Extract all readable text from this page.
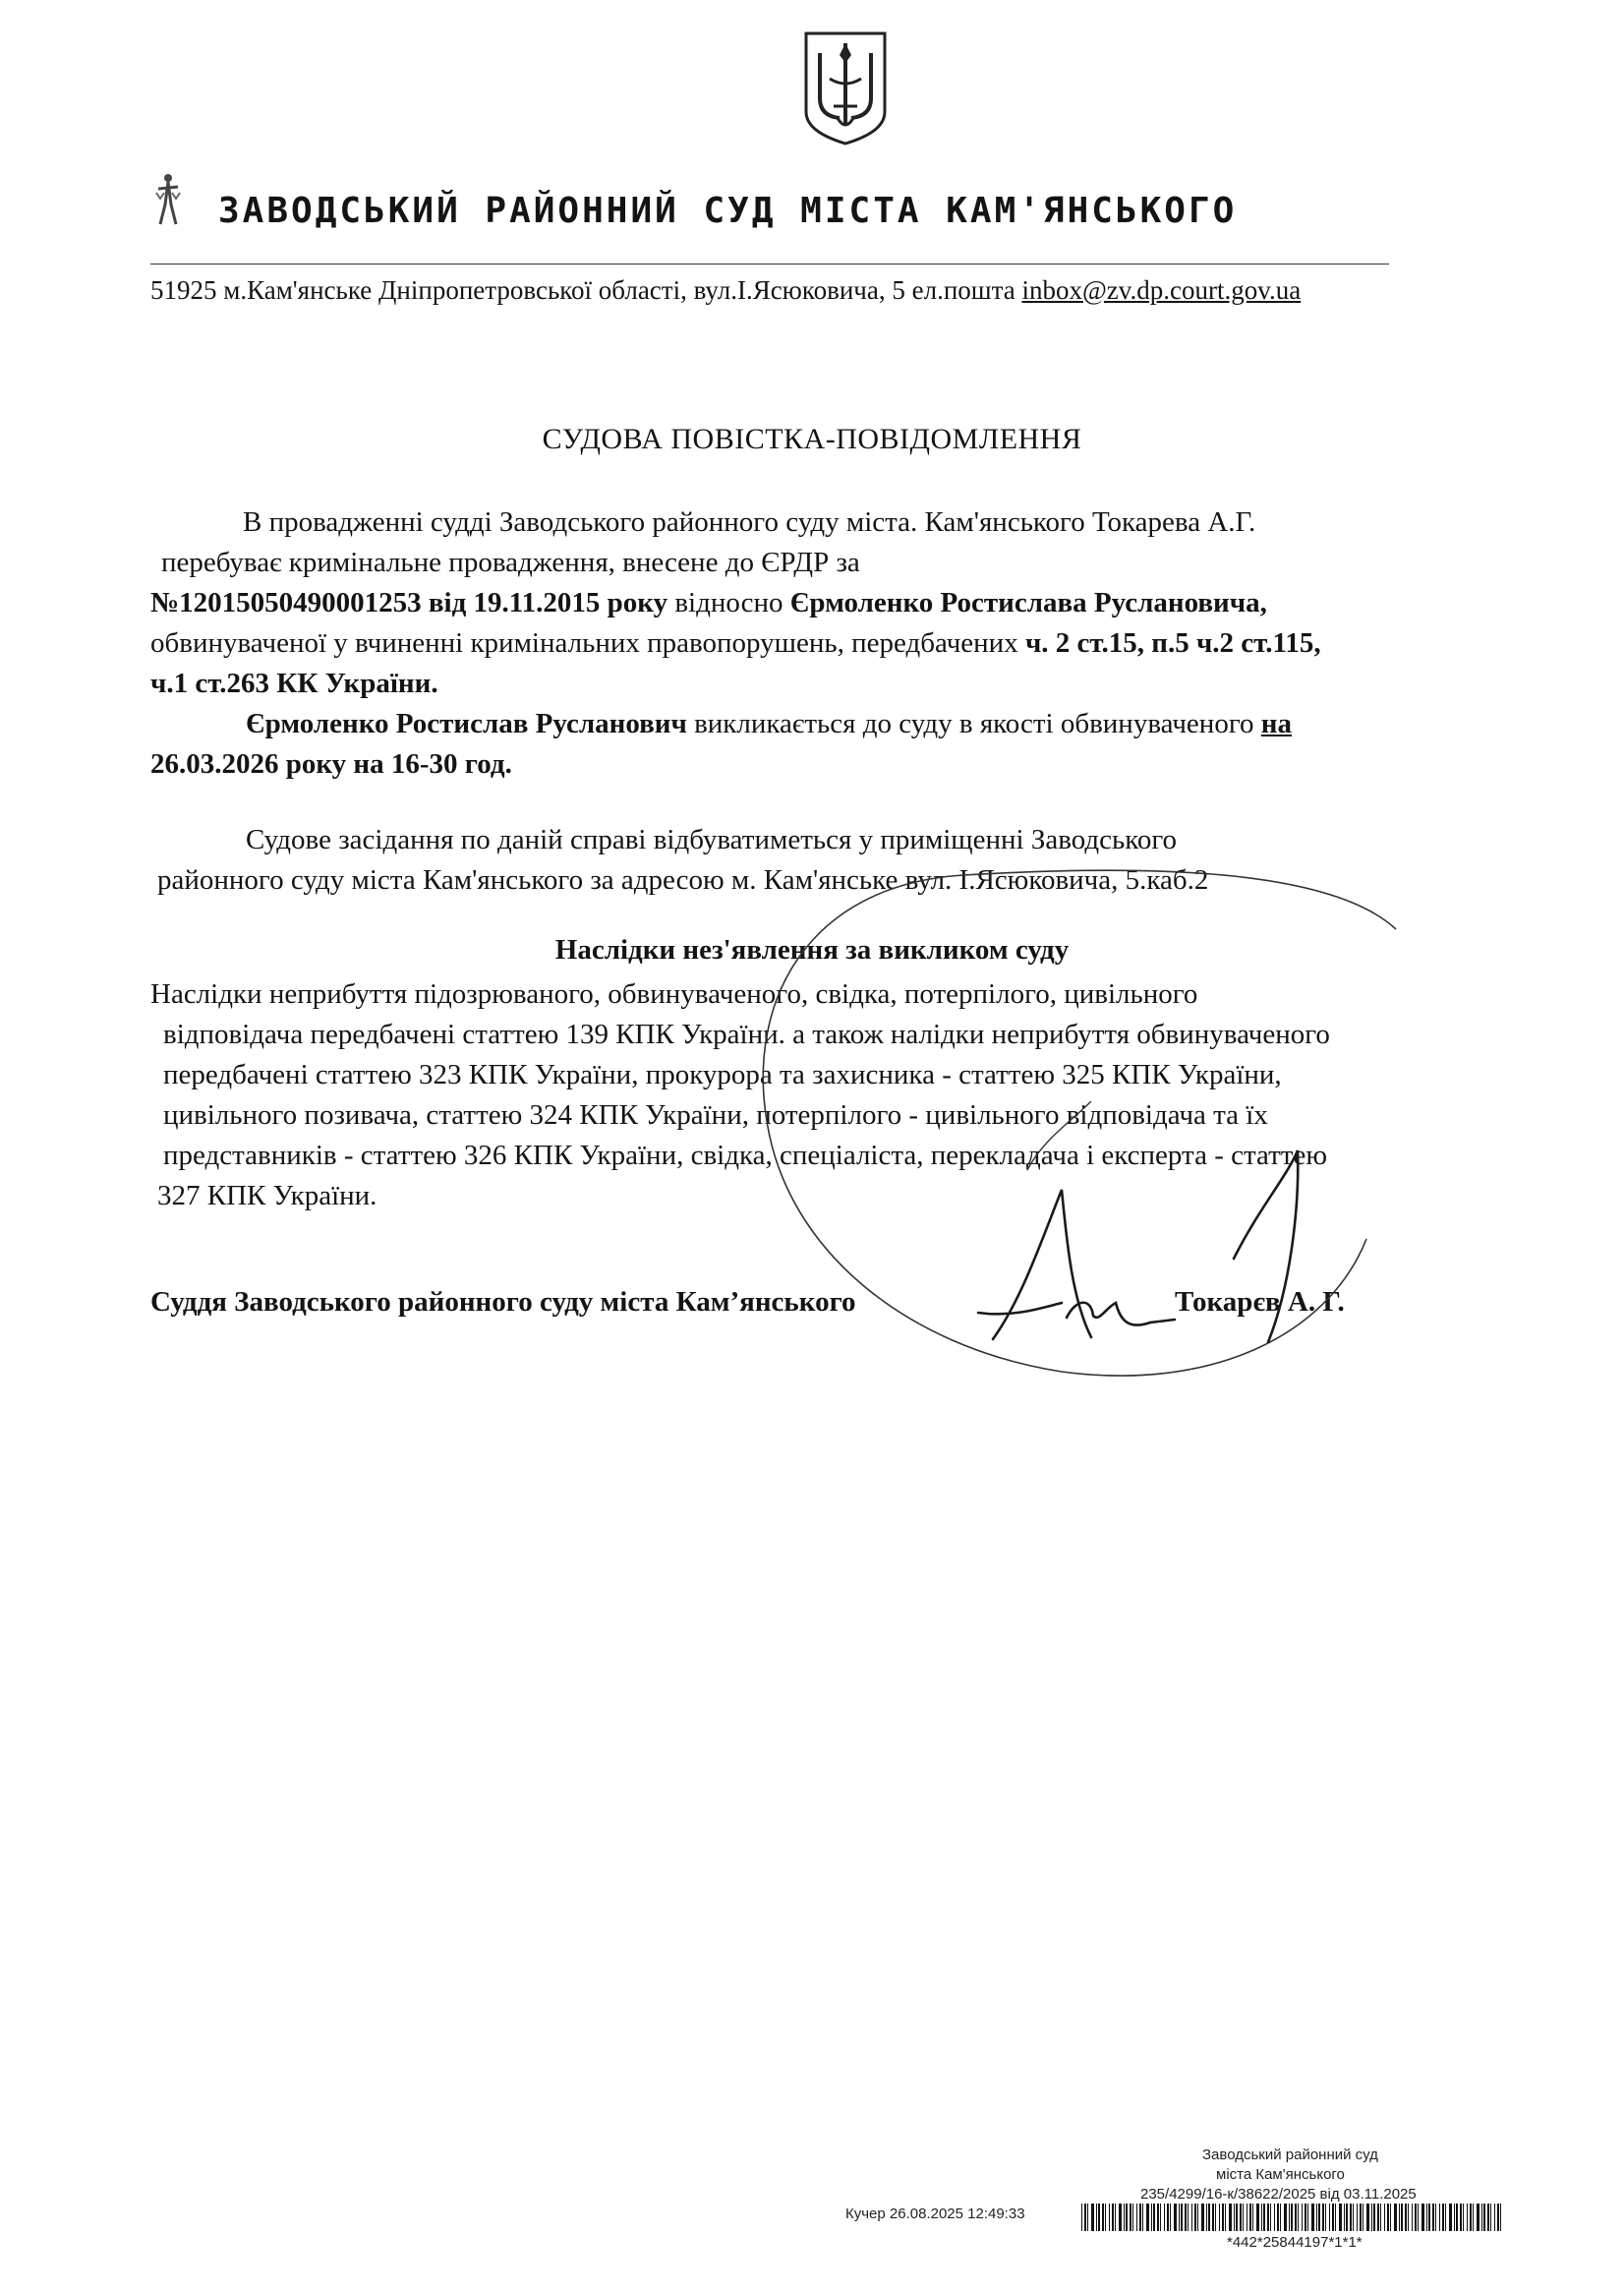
ЗАВОДСЬКИЙ РАЙОННИЙ СУД МІСТА КАМ'ЯНСЬКОГО
51925 м.Кам'янське Дніпропетровської області, вул.І.Ясюковича, 5 ел.пошта inbox@zv.dp.court.gov.ua
СУДОВА ПОВІСТКА-ПОВІДОМЛЕННЯ
В провадженні судді Заводського районного суду міста. Кам'янського Токарева А.Г.
перебуває кримінальне провадження, внесене до ЄРДР за
№12015050490001253 від 19.11.2015 року відносно Єрмоленко Ростислава Руслановича,
обвинуваченої у вчиненні кримінальних правопорушень, передбачених ч. 2 ст.15, п.5 ч.2 ст.115,
ч.1 ст.263 КК України.
Єрмоленко Ростислав Русланович викликається до суду в якості обвинуваченого на
26.03.2026 року на 16-30 год.
Судове засідання по даній справі відбуватиметься у приміщенні Заводського
районного суду міста Кам'янського за адресою м. Кам'янське вул. І.Ясюковича, 5.каб.2
Наслідки нез'явлення за викликом суду
Наслідки неприбуття підозрюваного, обвинуваченого, свідка, потерпілого, цивільного
відповідача передбачені статтею 139 КПК України. а також налідки неприбуття обвинуваченого
передбачені статтею 323 КПК України, прокурора та захисника - статтею 325 КПК України,
цивільного позивача, статтею 324 КПК України, потерпілого - цивільного відповідача та їх
представників - статтею 326 КПК України, свідка, спеціаліста, перекладача і експерта - статтею
327 КПК України.
Суддя Заводського районного суду міста Кам’янського	Токарєв А. Г.
Заводський районний суд
міста Кам'янського
235/4299/16-к/38622/2025 від 03.11.2025
Кучер 26.08.2025 12:49:33
*442*25844197*1*1*
